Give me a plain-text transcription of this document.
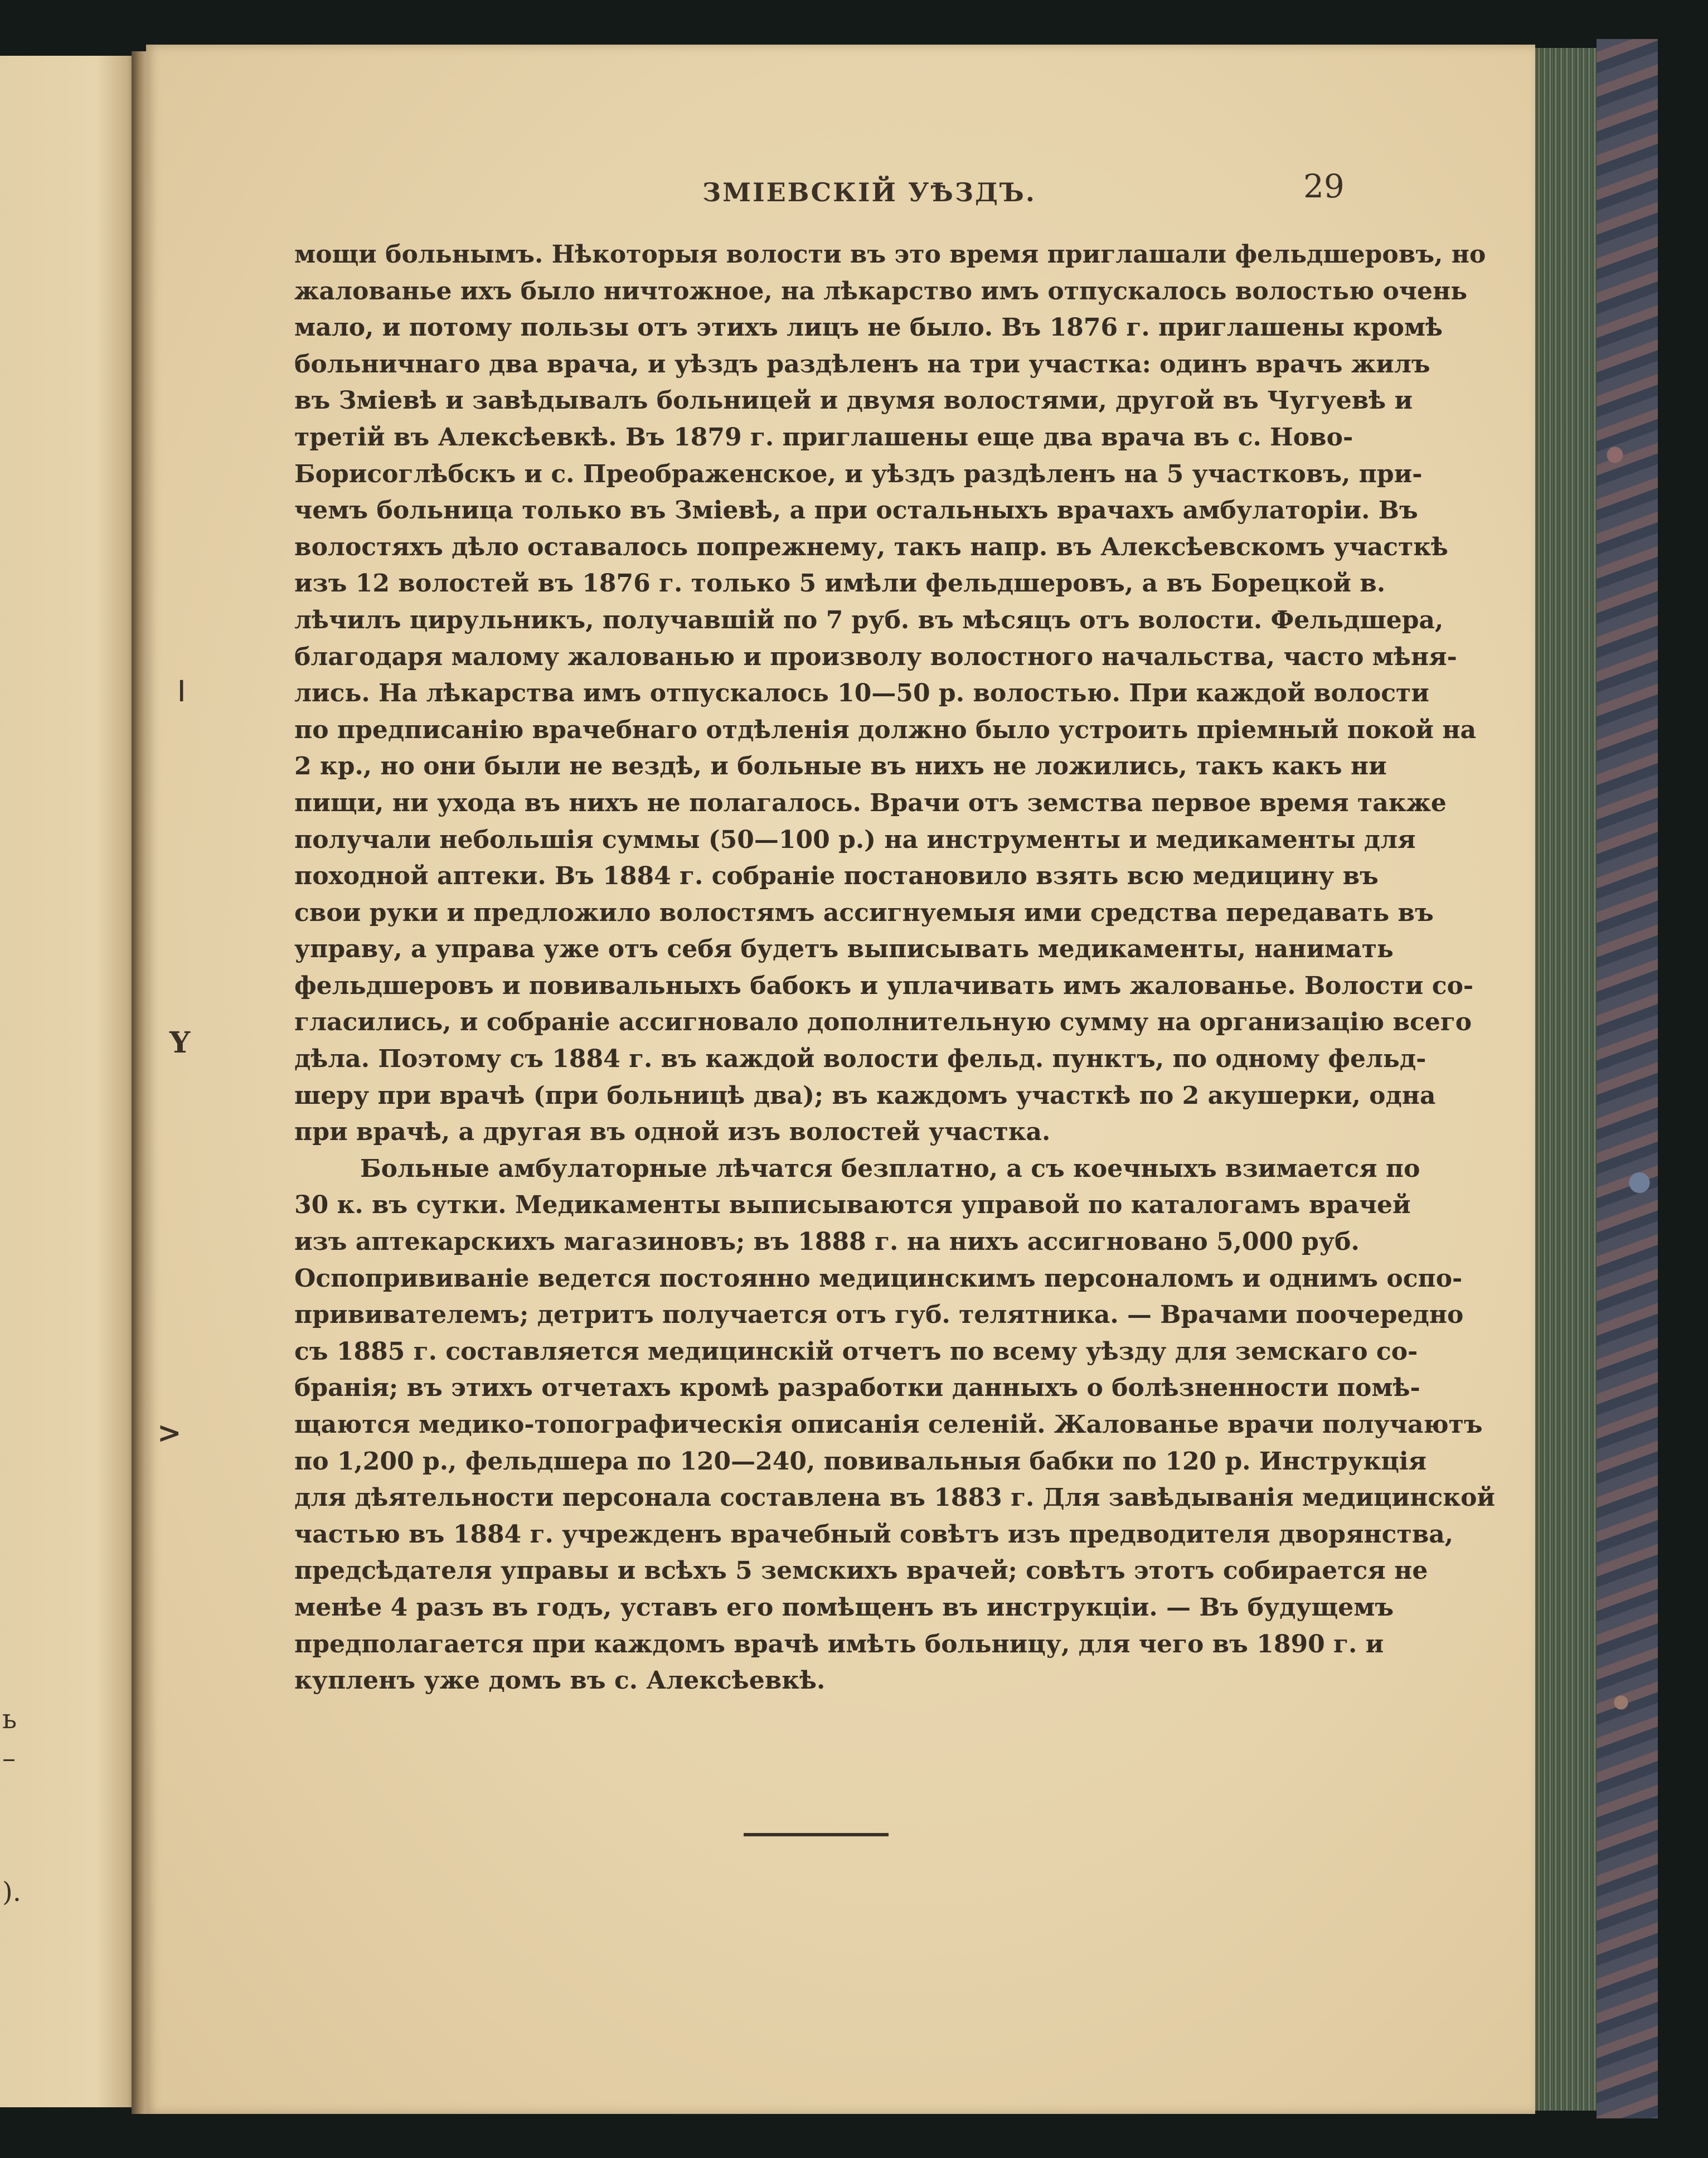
ь
–
).

ЗМІЕВСКІЙ УѢЗДЪ.	29
ǀ
Y
>
мощи больнымъ. Нѣкоторыя волости въ это время приглашали фельдшеровъ, но
жалованье ихъ было ничтожное, на лѣкарство имъ отпускалось волостью очень
мало, и потому пользы отъ этихъ лицъ не было. Въ 1876 г. приглашены кромѣ
больничнаго два врача, и уѣздъ раздѣленъ на три участка: одинъ врачъ жилъ
въ Зміевѣ и завѣдывалъ больницей и двумя волостями, другой въ Чугуевѣ и
третій въ Алексѣевкѣ. Въ 1879 г. приглашены еще два врача въ с. Ново-
Борисоглѣбскъ и с. Преображенское, и уѣздъ раздѣленъ на 5 участковъ, при-
чемъ больница только въ Зміевѣ, а при остальныхъ врачахъ амбулаторіи. Въ
волостяхъ дѣло оставалось попрежнему, такъ напр. въ Алексѣевскомъ участкѣ
изъ 12 волостей въ 1876 г. только 5 имѣли фельдшеровъ, а въ Борецкой в.
лѣчилъ цирульникъ, получавшій по 7 руб. въ мѣсяцъ отъ волости. Фельдшера,
благодаря малому жалованью и произволу волостного начальства, часто мѣня-
лись. На лѣкарства имъ отпускалось 10—50 р. волостью. При каждой волости
по предписанію врачебнаго отдѣленія должно было устроить пріемный покой на
2 кр., но они были не вездѣ, и больные въ нихъ не ложились, такъ какъ ни
пищи, ни ухода въ нихъ не полагалось. Врачи отъ земства первое время также
получали небольшія суммы (50—100 р.) на инструменты и медикаменты для
походной аптеки. Въ 1884 г. собраніе постановило взять всю медицину въ
свои руки и предложило волостямъ ассигнуемыя ими средства передавать въ
управу, а управа уже отъ себя будетъ выписывать медикаменты, нанимать
фельдшеровъ и повивальныхъ бабокъ и уплачивать имъ жалованье. Волости со-
гласились, и собраніе ассигновало дополнительную сумму на организацію всего
дѣла. Поэтому съ 1884 г. въ каждой волости фельд. пунктъ, по одному фельд-
шеру при врачѣ (при больницѣ два); въ каждомъ участкѣ по 2 акушерки, одна
при врачѣ, а другая въ одной изъ волостей участка.
Больные амбулаторные лѣчатся безплатно, а съ коечныхъ взимается по
30 к. въ сутки. Медикаменты выписываются управой по каталогамъ врачей
изъ аптекарскихъ магазиновъ; въ 1888 г. на нихъ ассигновано 5,000 руб.
Оспопрививаніе ведется постоянно медицинскимъ персоналомъ и однимъ оспо-
прививателемъ; детритъ получается отъ губ. телятника. — Врачами поочередно
съ 1885 г. составляется медицинскій отчетъ по всему уѣзду для земскаго со-
бранія; въ этихъ отчетахъ кромѣ разработки данныхъ о болѣзненности помѣ-
щаются медико-топографическія описанія селеній. Жалованье врачи получаютъ
по 1,200 р., фельдшера по 120—240, повивальныя бабки по 120 р. Инструкція
для дѣятельности персонала составлена въ 1883 г. Для завѣдыванія медицинской
частью въ 1884 г. учрежденъ врачебный совѣтъ изъ предводителя дворянства,
предсѣдателя управы и всѣхъ 5 земскихъ врачей; совѣтъ этотъ собирается не
менѣе 4 разъ въ годъ, уставъ его помѣщенъ въ инструкціи. — Въ будущемъ
предполагается при каждомъ врачѣ имѣть больницу, для чего въ 1890 г. и
купленъ уже домъ въ с. Алексѣевкѣ.
